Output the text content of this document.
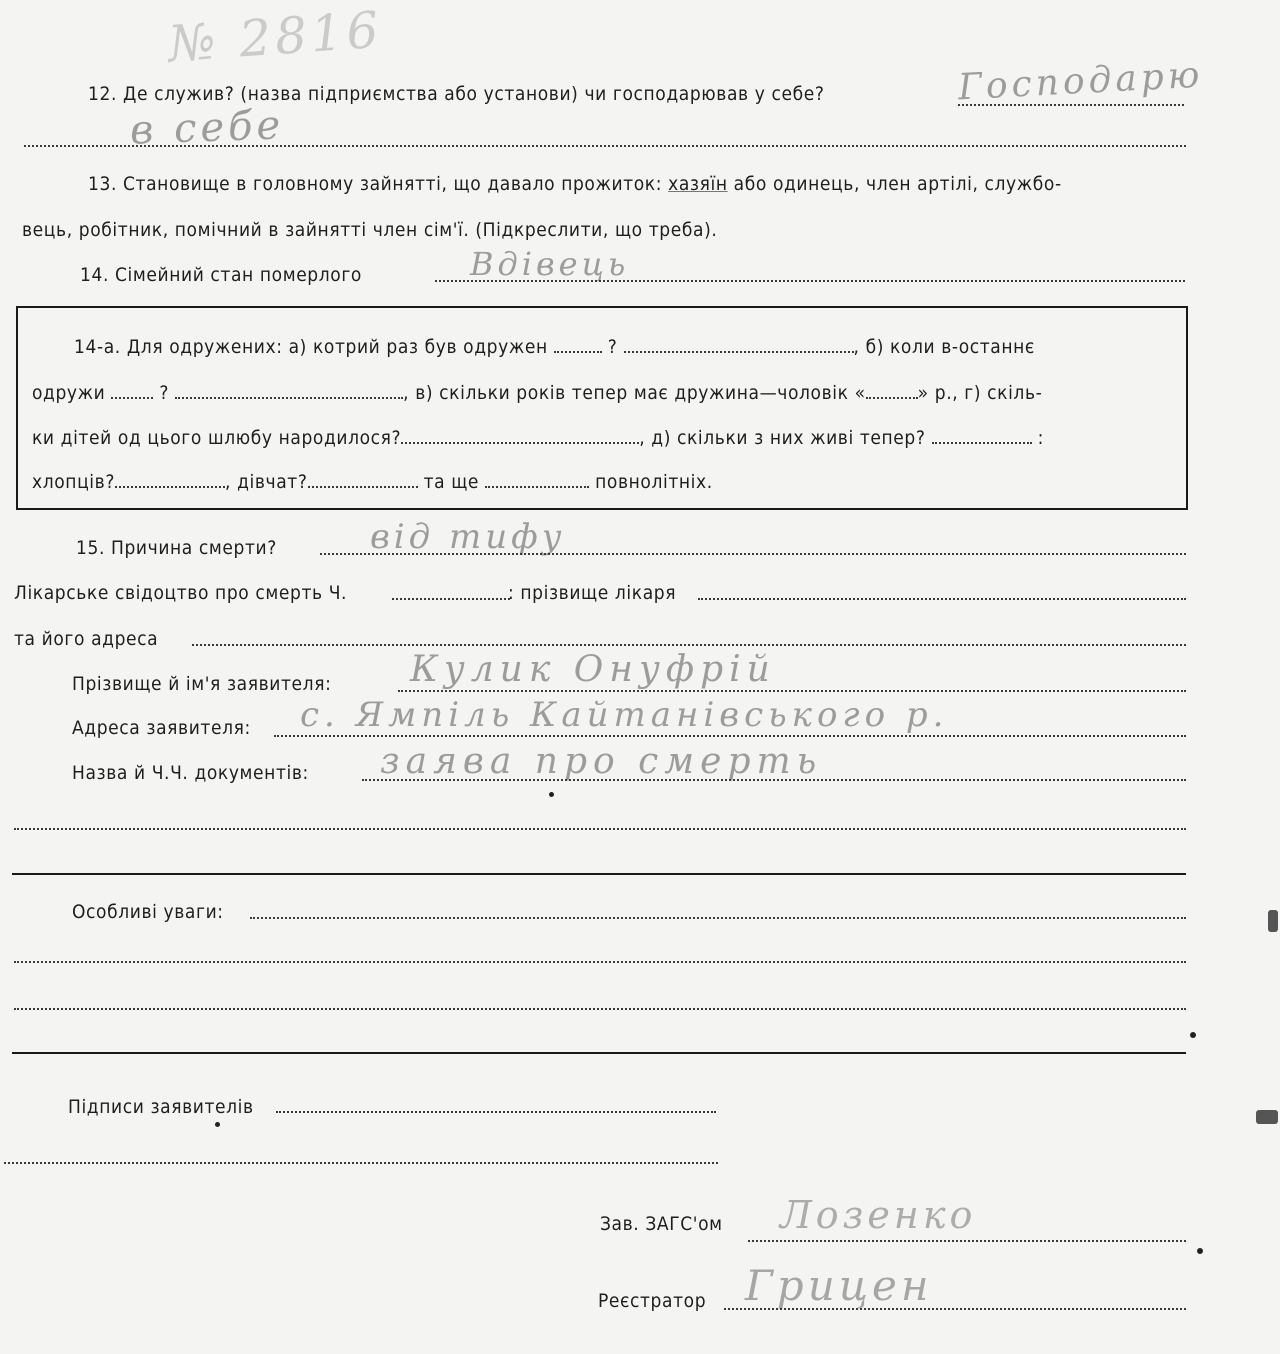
№ 2816
12. Де служив? (назва підприємства або установи) чи господарював у себе?	Господарю
в себе
13. Становище в головному зайнятті, що давало прожиток: хазяїн або одинець, член артілі, службо-
вець, робітник, помічний в зайнятті член сім'ї. (Підкреслити, що треба).
14. Сімейний стан померлого	Вдівець
14-а. Для одружених: а) котрий раз був одружен	?	, б) коли в-останнє
одружи	?	, в) скільки років тепер має дружина—чоловік «	» р., г) скіль-
ки дітей од цього шлюбу народилося?	, д) скільки з них живі тепер?	:
хлопців?	, дівчат?	та ще	повнолітніх.
15. Причина смерти?	від тифу
Лікарське свідоцтво про смерть Ч.	: прізвище лікаря
та його адреса
Прізвище й ім'я заявителя: Кулик Онуфрій
Адреса заявителя: с. Ямпіль Кайтанівського р.
Назва й Ч.Ч. документів: заява про смерть
Особливі уваги:
Підписи заявителів
Зав. ЗАГС'ом Лозенко
Реєстратор Грицен
